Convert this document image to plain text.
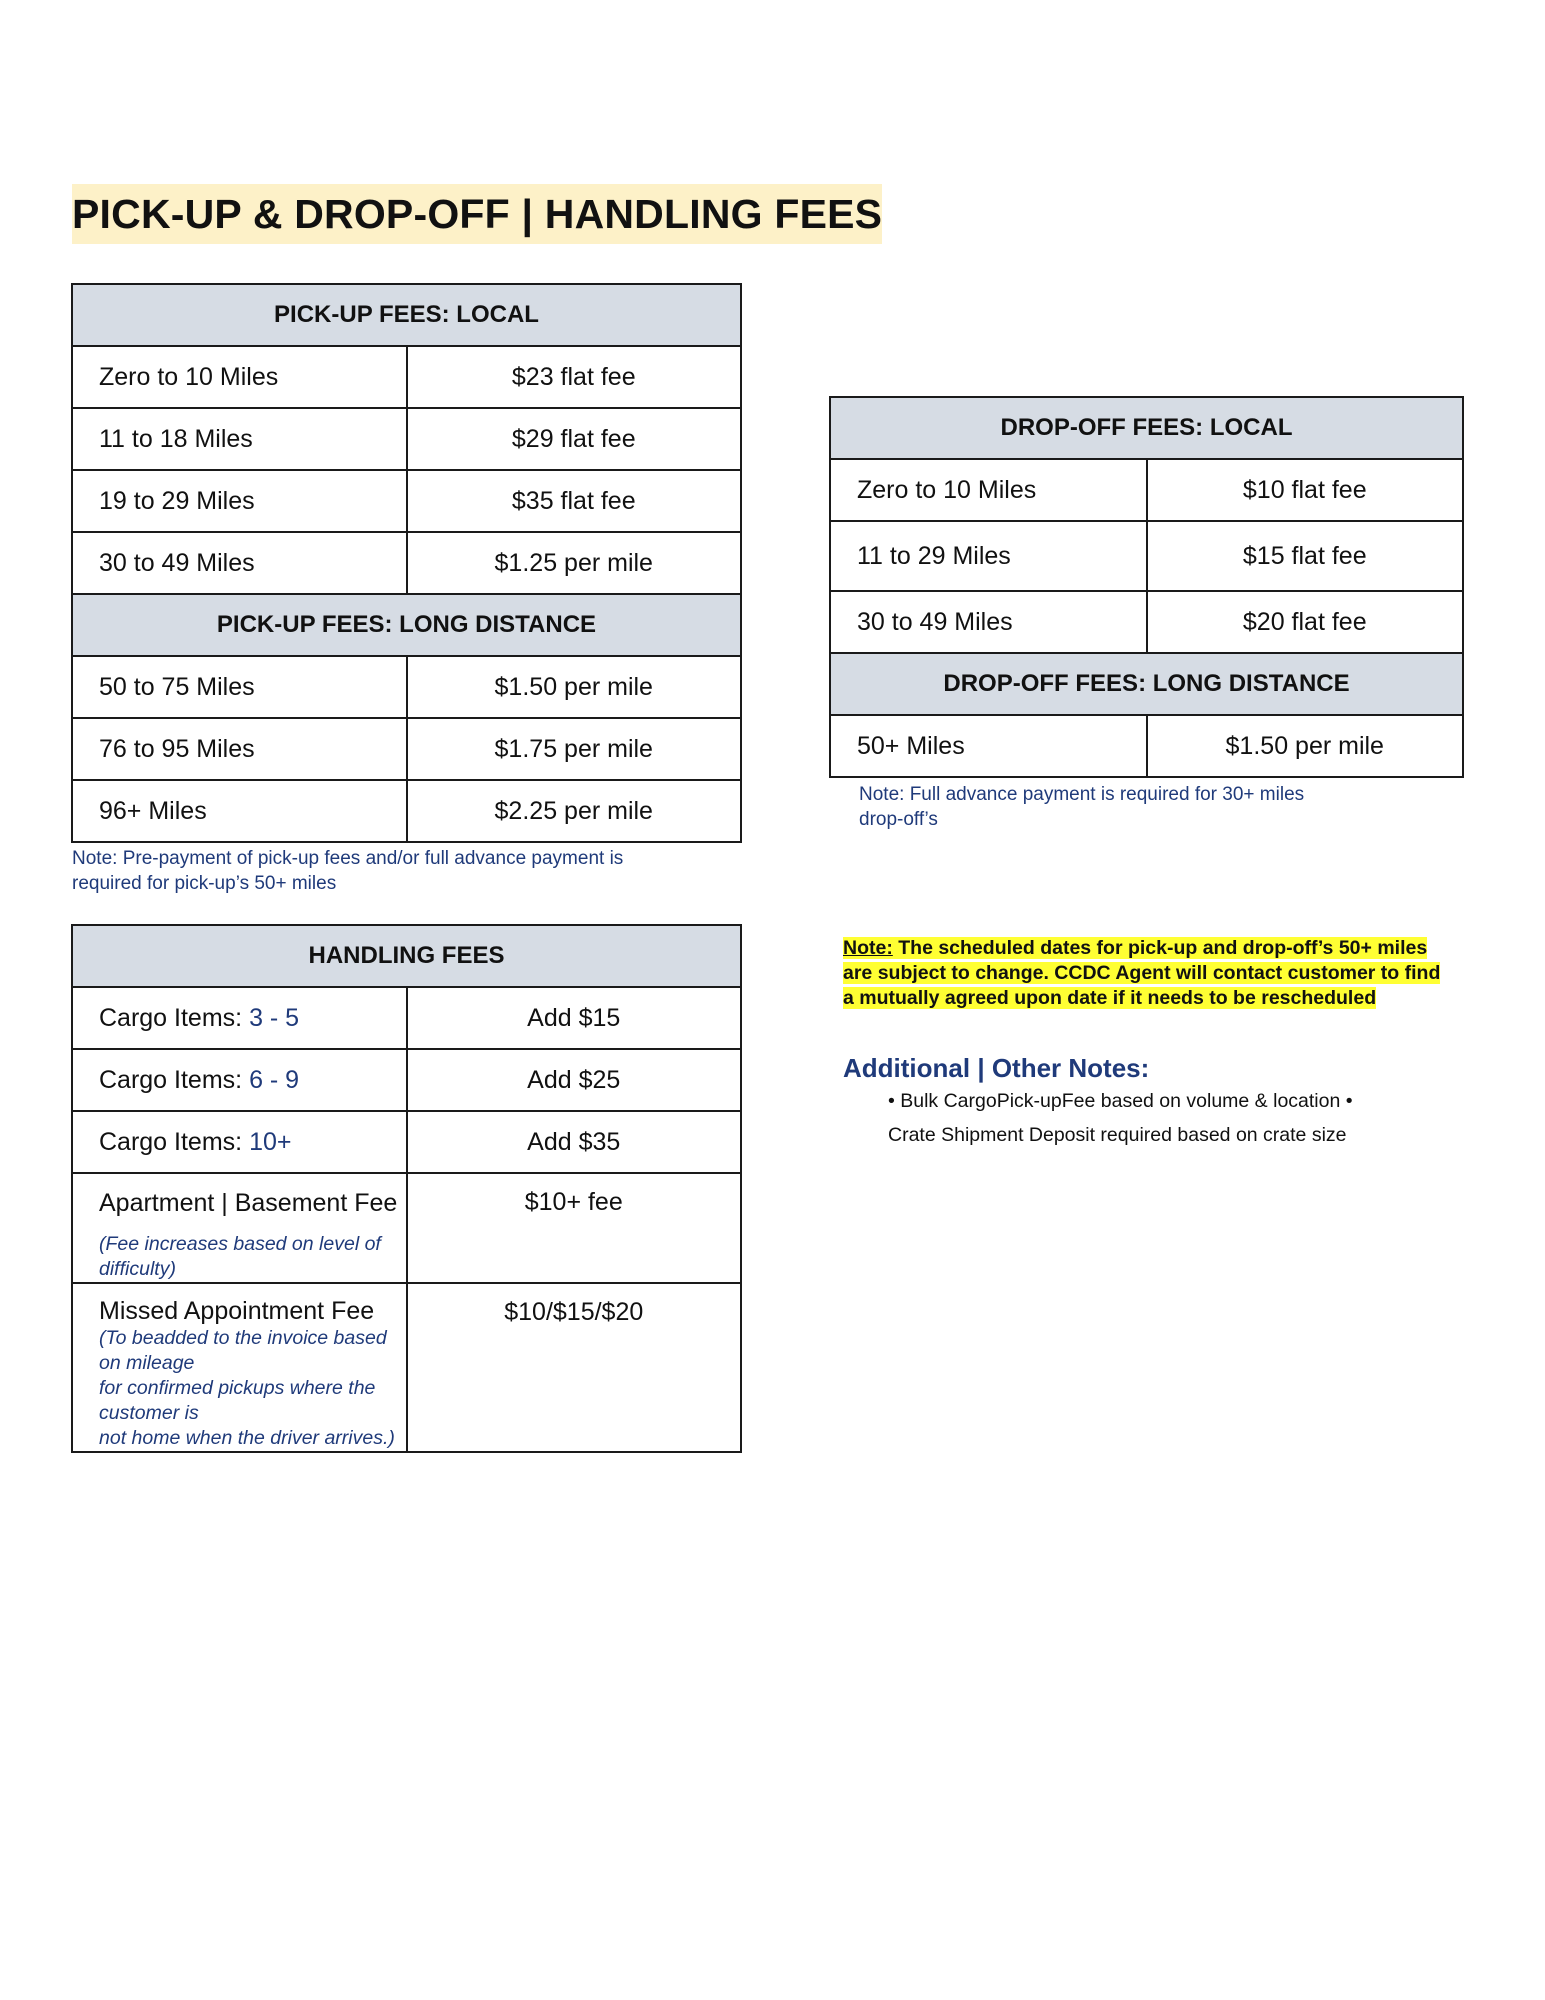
PICK-UP & DROP-OFF | HANDLING FEES
PICK-UP FEES: LOCAL	
Zero to 10 Miles	$23 flat fee
11 to 18 Miles	$29 flat fee
19 to 29 Miles	$35 flat fee
30 to 49 Miles	$1.25 per mile
PICK-UP FEES: LONG DISTANCE	
50 to 75 Miles	$1.50 per mile
76 to 95 Miles	$1.75 per mile
96+ Miles	$2.25 per mile
Note: Pre-payment of pick-up fees and/or full advance payment is
required for pick-up’s 50+ miles
DROP-OFF FEES: LOCAL	
Zero to 10 Miles	$10 flat fee
11 to 29 Miles	$15 flat fee
30 to 49 Miles	$20 flat fee
DROP-OFF FEES: LONG DISTANCE	
50+ Miles	$1.50 per mile
Note: Full advance payment is required for 30+ miles
drop-off’s
HANDLING FEES	
Cargo Items: 3 - 5	Add $15
Cargo Items: 6 - 9	Add $25
Cargo Items: 10+	Add $35

Apartment | Basement Fee
(Fee increases based on level of difficulty)	$10+ fee

Missed Appointment Fee
(To beadded to the invoice based on mileage
for confirmed pickups where the customer is
not home when the driver arrives.)	$10/$15/$20
Note: The scheduled dates for pick-up and drop-off’s 50+ miles
are subject to change. CCDC Agent will contact customer to find
a mutually agreed upon date if it needs to be rescheduled
Additional | Other Notes:
• Bulk CargoPick-upFee based on volume & location •
Crate Shipment Deposit required based on crate size
